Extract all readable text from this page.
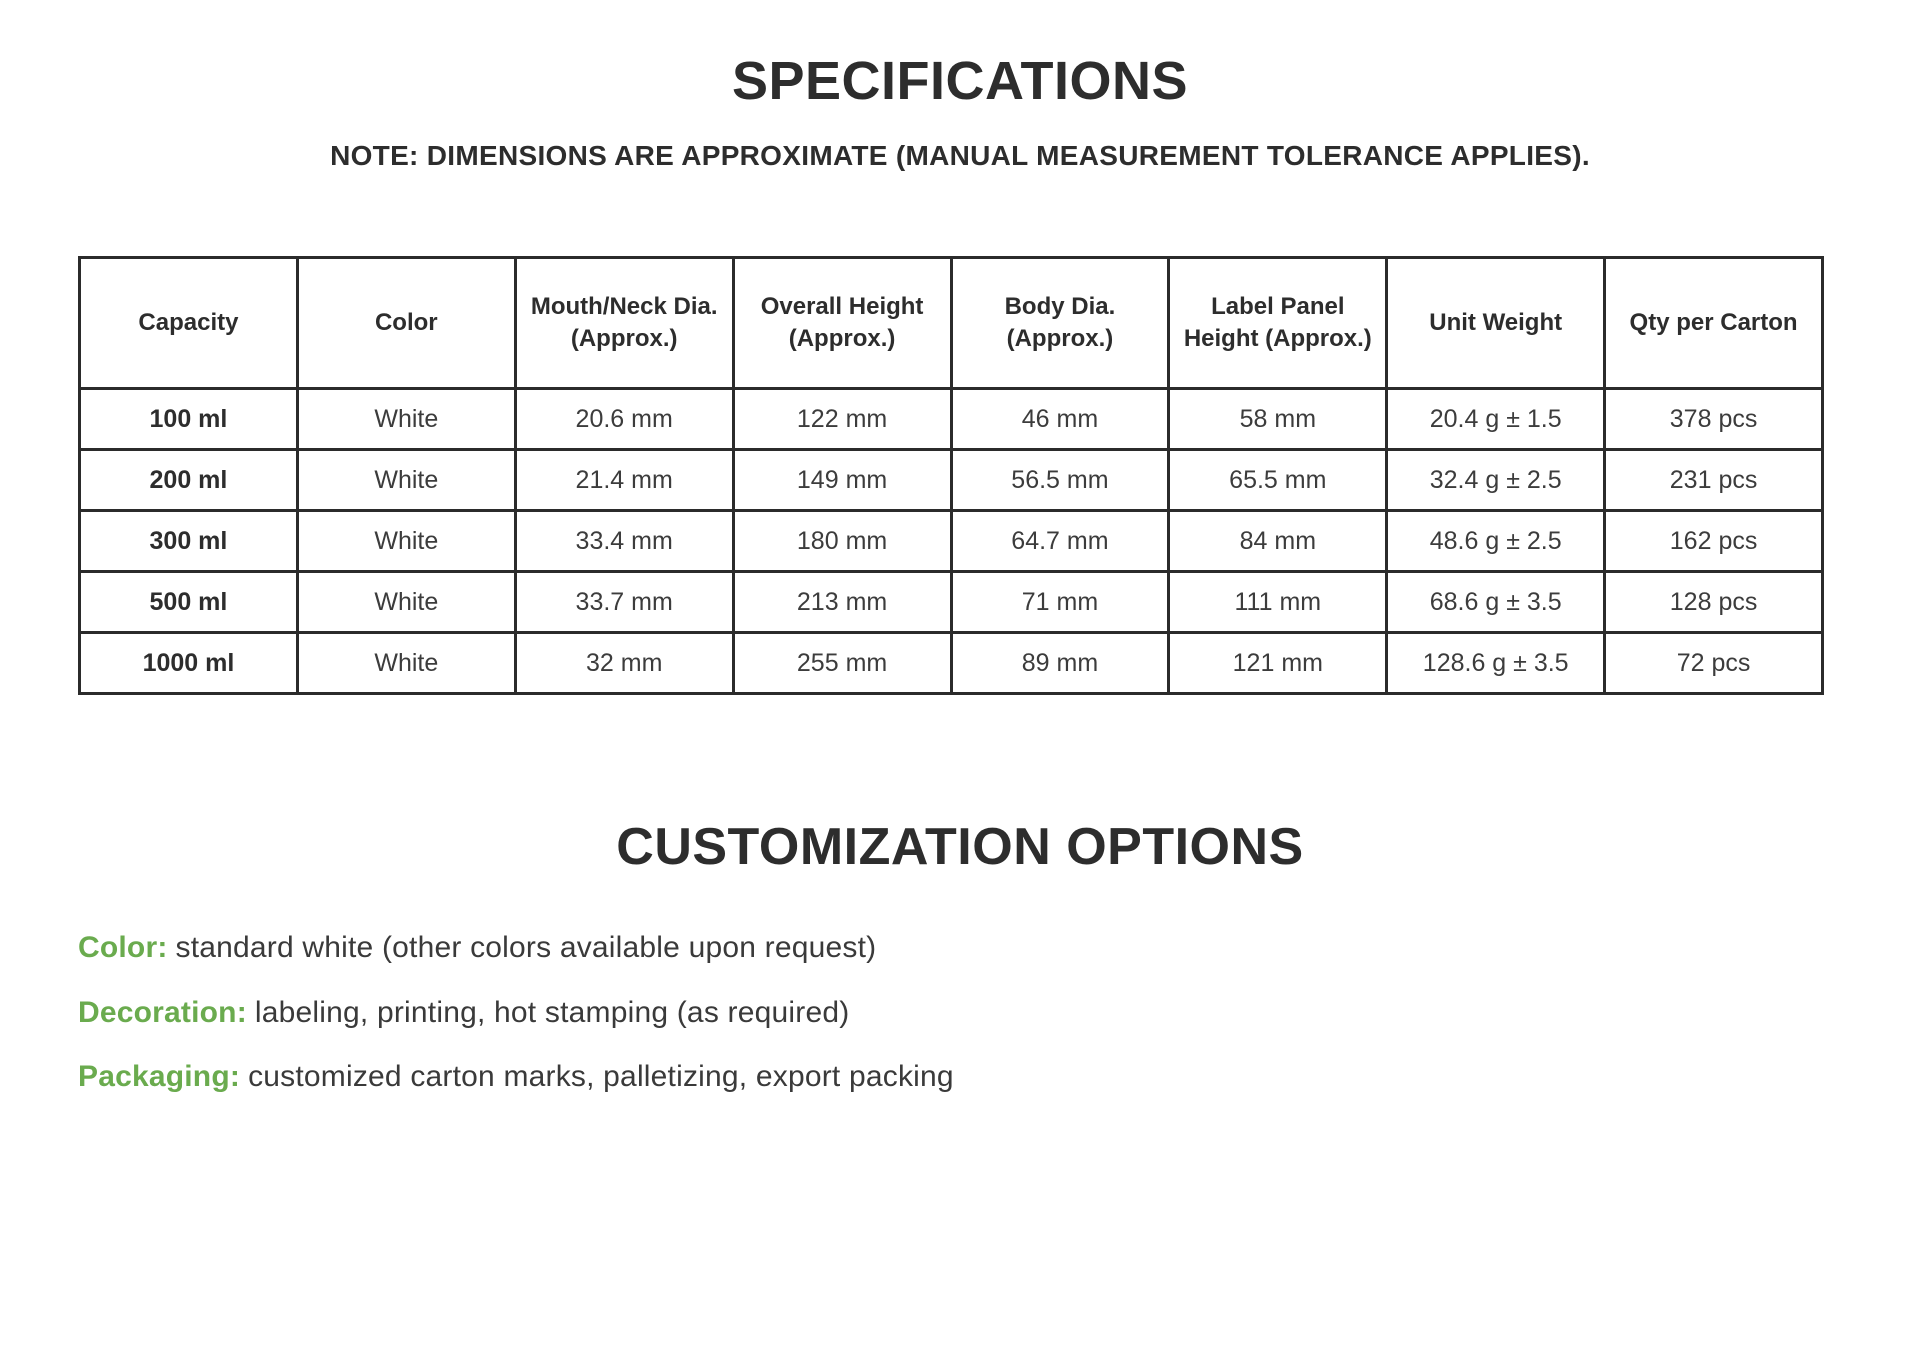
SPECIFICATIONS

NOTE: DIMENSIONS ARE APPROXIMATE (MANUAL MEASUREMENT TOLERANCE APPLIES).

Capacity	Color	Mouth/Neck Dia. (Approx.)	Overall Height (Approx.)	Body Dia. (Approx.)	Label Panel Height (Approx.)	Unit Weight	Qty per Carton
100 ml	White	20.6 mm	122 mm	46 mm	58 mm	20.4 g ± 1.5	378 pcs
200 ml	White	21.4 mm	149 mm	56.5 mm	65.5 mm	32.4 g ± 2.5	231 pcs
300 ml	White	33.4 mm	180 mm	64.7 mm	84 mm	48.6 g ± 2.5	162 pcs
500 ml	White	33.7 mm	213 mm	71 mm	111 mm	68.6 g ± 3.5	128 pcs
1000 ml	White	32 mm	255 mm	89 mm	121 mm	128.6 g ± 3.5	72 pcs
CUSTOMIZATION OPTIONS

Color: standard white (other colors available upon request)

Decoration: labeling, printing, hot stamping (as required)

Packaging: customized carton marks, palletizing, export packing
